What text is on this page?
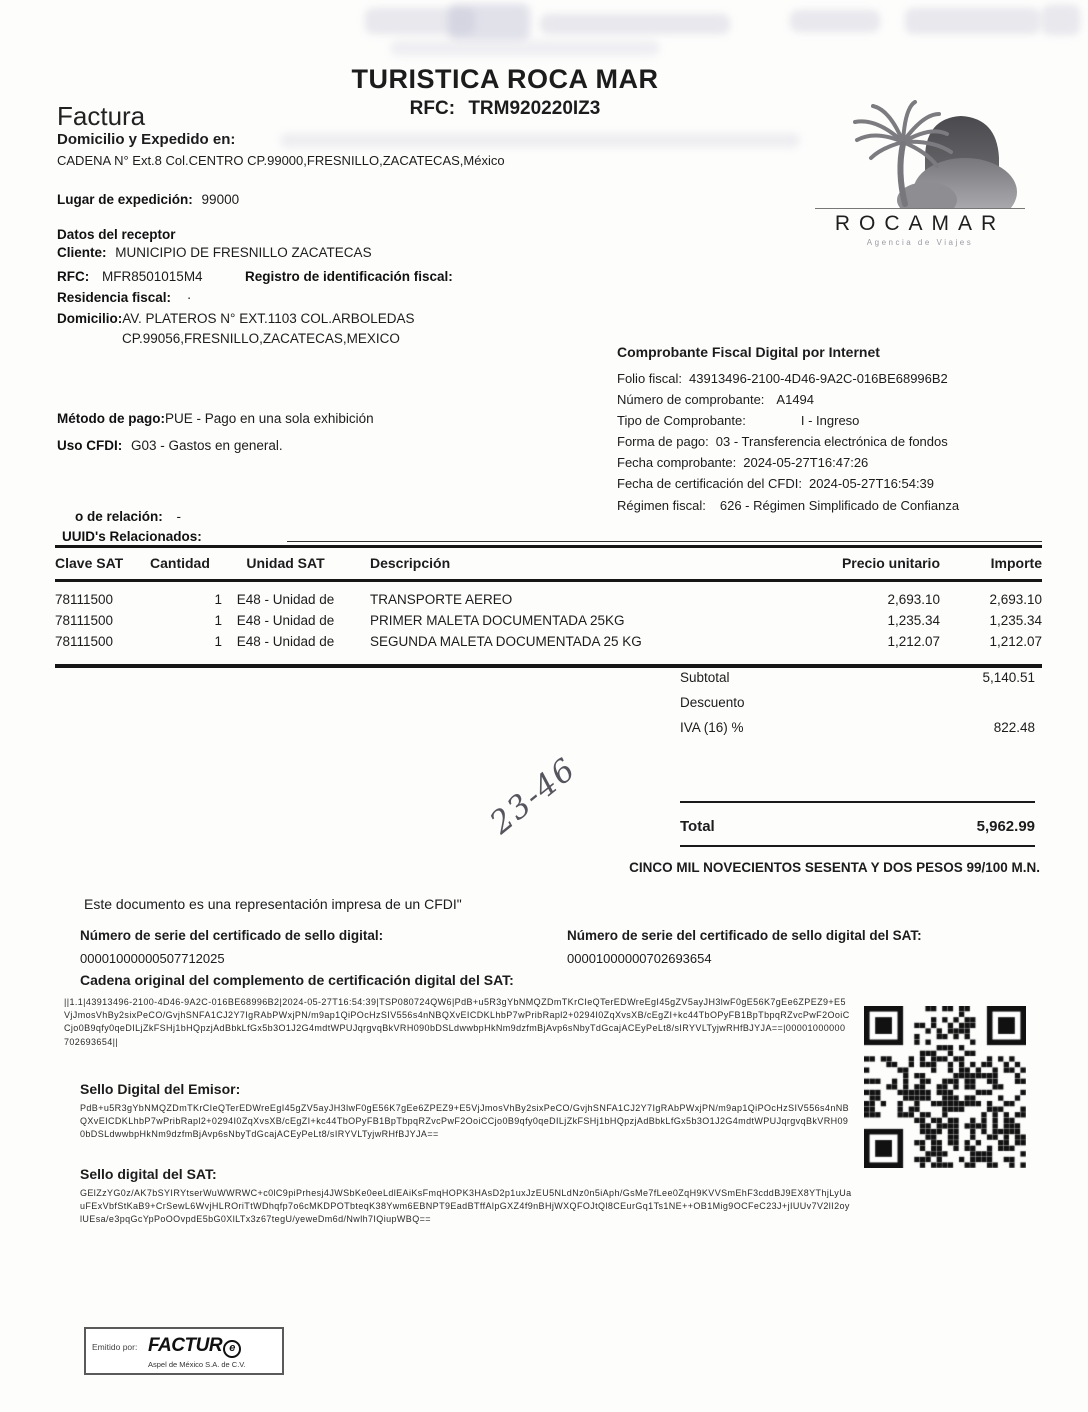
TURISTICA ROCA MAR
RFC: TRM920220IZ3
Factura
Domicilio y Expedido en:
CADENA N° Ext.8 Col.CENTRO CP.99000,FRESNILLO,ZACATECAS,México
Lugar de expedición: 99000
ROCAMAR
Agencia de Viajes
Datos del receptor
Cliente: MUNICIPIO DE FRESNILLO ZACATECAS
RFC: MFR8501015M4	Registro de identificación fiscal:
Residencia fiscal: ·
Domicilio:AV. PLATEROS N° EXT.1103 COL.ARBOLEDAS
CP.99056,FRESNILLO,ZACATECAS,MEXICO
Método de pago:PUE - Pago en una sola exhibición
Uso CFDI: G03 - Gastos en general.
Comprobante Fiscal Digital por Internet
Folio fiscal: 43913496-2100-4D46-9A2C-016BE68996B2
Número de comprobante: A1494
Tipo de Comprobante:	I - Ingreso
Forma de pago: 03 - Transferencia electrónica de fondos
Fecha comprobante: 2024-05-27T16:47:26
Fecha de certificación del CFDI: 2024-05-27T16:54:39
Régimen fiscal: 626 - Régimen Simplificado de Confianza
o de relación: -
UUID's Relacionados:
Clave SAT	Cantidad	Unidad SAT	Descripción	Precio unitario	Importe
78111500	1	E48 - Unidad de	TRANSPORTE AEREO	2,693.10	2,693.10
78111500	1	E48 - Unidad de	PRIMER MALETA DOCUMENTADA 25KG	1,235.34	1,235.34
78111500	1	E48 - Unidad de	SEGUNDA MALETA DOCUMENTADA 25 KG	1,212.07	1,212.07
Subtotal	5,140.51
Descuento
IVA (16) %	822.48
Total	5,962.99
CINCO MIL NOVECIENTOS SESENTA Y DOS PESOS 99/100 M.N.
23-46
Este documento es una representación impresa de un CFDI"
Número de serie del certificado de sello digital:
00001000000507712025
Número de serie del certificado de sello digital del SAT:
00001000000702693654
Cadena original del complemento de certificación digital del SAT:
||1.1|43913496-2100-4D46-9A2C-016BE68996B2|2024-05-27T16:54:39|TSP080724QW6|PdB+u5R3gYbNMQZDmTKrCIeQTerEDWreEgI45gZV5ayJH3lwF0gE56K7gEe6ZPEZ9+E5VjJmosVhBy2sixPeCO/GvjhSNFA1CJ2Y7IgRAbPWxjPN/m9ap1QiPOcHzSIV556s4nNBQXvEICDKLhbP7wPribRapl2+0294I0ZqXvsXB/cEgZI+kc44TbOPyFB1BpTbpqRZvcPwF2OoiCCjo0B9qfy0qeDILjZkFSHj1bHQpzjAdBbkLfGx5b3O1J2G4mdtWPUJqrgvqBkVRH090bDSLdwwbpHkNm9dzfmBjAvp6sNbyTdGcajACEyPeLt8/sIRYVLTyjwRHfBJYJA==|00001000000702693654||
Sello Digital del Emisor:
PdB+u5R3gYbNMQZDmTKrCIeQTerEDWreEgI45gZV5ayJH3lwF0gE56K7gEe6ZPEZ9+E5VjJmosVhBy2sixPeCO/GvjhSNFA1CJ2Y7IgRAbPWxjPN/m9ap1QiPOcHzSIV556s4nNBQXvEICDKLhbP7wPribRapl2+0294I0ZqXvsXB/cEgZI+kc44TbOPyFB1BpTbpqRZvcPwF2OoiCCjo0B9qfy0qeDILjZkFSHj1bHQpzjAdBbkLfGx5b3O1J2G4mdtWPUJqrgvqBkVRH090bDSLdwwbpHkNm9dzfmBjAvp6sNbyTdGcajACEyPeLt8/sIRYVLTyjwRHfBJYJA==
Sello digital del SAT:
GElZzYG0z/AK7bSYIRYtserWuWWRWC+c0lC9piPrhesj4JWSbKe0eeLdlEAiKsFmqHOPK3HAsD2p1uxJzEU5NLdNz0n5iAph/GsMe7fLee0ZqH9KVVSmEhF3cddBJ9EX8YThjLyUauFExVbfStKaB9+CrSewL6WvjHLROriTtWDhqfp7o6cMKDPOTbteqK38Ywm6EBNPT9EadBTffAlpGXZ4f9nBHjWXQFOJtQl8CEurGq1Ts1NE++OB1Mig9OCFeC23J+jIUUv7V2lI2oylUEsa/e3pqGcYpPoOOvpdE5bG0XlLTx3z67tegU/yeweDm6d/Nwlh7IQiupWBQ==
Emitido por: FACTUR e
Aspel de México S.A. de C.V.
